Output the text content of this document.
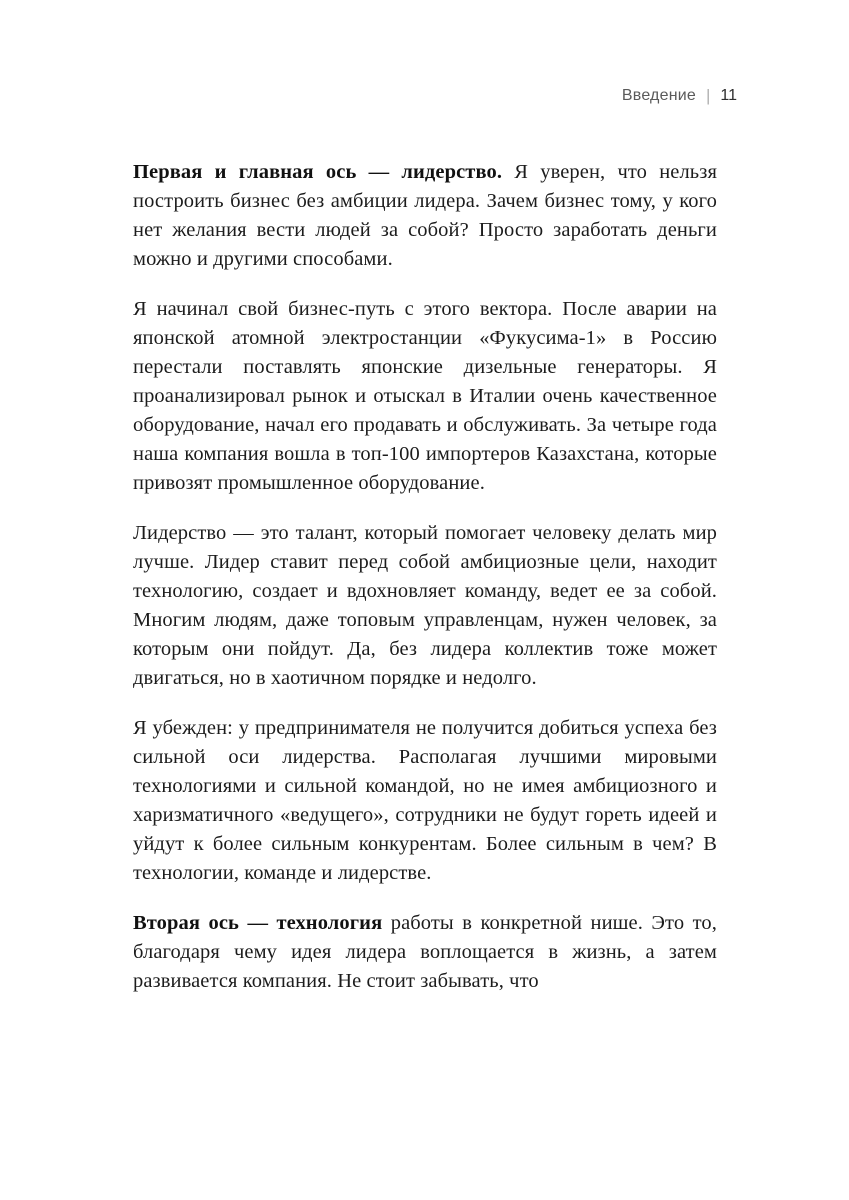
Введение | 11

Первая и главная ось — лидерство. Я уверен, что нельзя построить бизнес без амбиции лидера. Зачем бизнес тому, у кого нет желания вести людей за собой? Просто заработать деньги можно и другими способами.

Я начинал свой бизнес-путь с этого вектора. После аварии на японской атомной электростанции «Фукусима-1» в Россию перестали поставлять японские дизельные генераторы. Я проанализировал рынок и отыскал в Италии очень качественное оборудование, начал его продавать и обслуживать. За четыре года наша компания вошла в топ-100 импортеров Казахстана, которые привозят промышленное оборудование.

Лидерство — это талант, который помогает человеку делать мир лучше. Лидер ставит перед собой амбициозные цели, находит технологию, создает и вдохновляет команду, ведет ее за собой. Многим людям, даже топовым управленцам, нужен человек, за которым они пойдут. Да, без лидера коллектив тоже может двигаться, но в хаотичном порядке и недолго.

Я убежден: у предпринимателя не получится добиться успеха без сильной оси лидерства. Располагая лучшими мировыми технологиями и сильной командой, но не имея амбициозного и харизматичного «ведущего», сотрудники не будут гореть идеей и уйдут к более сильным конкурентам. Более сильным в чем? В технологии, команде и лидерстве.

Вторая ось — технология работы в конкретной нише. Это то, благодаря чему идея лидера воплощается в жизнь, а затем развивается компания. Не стоит забывать, что
